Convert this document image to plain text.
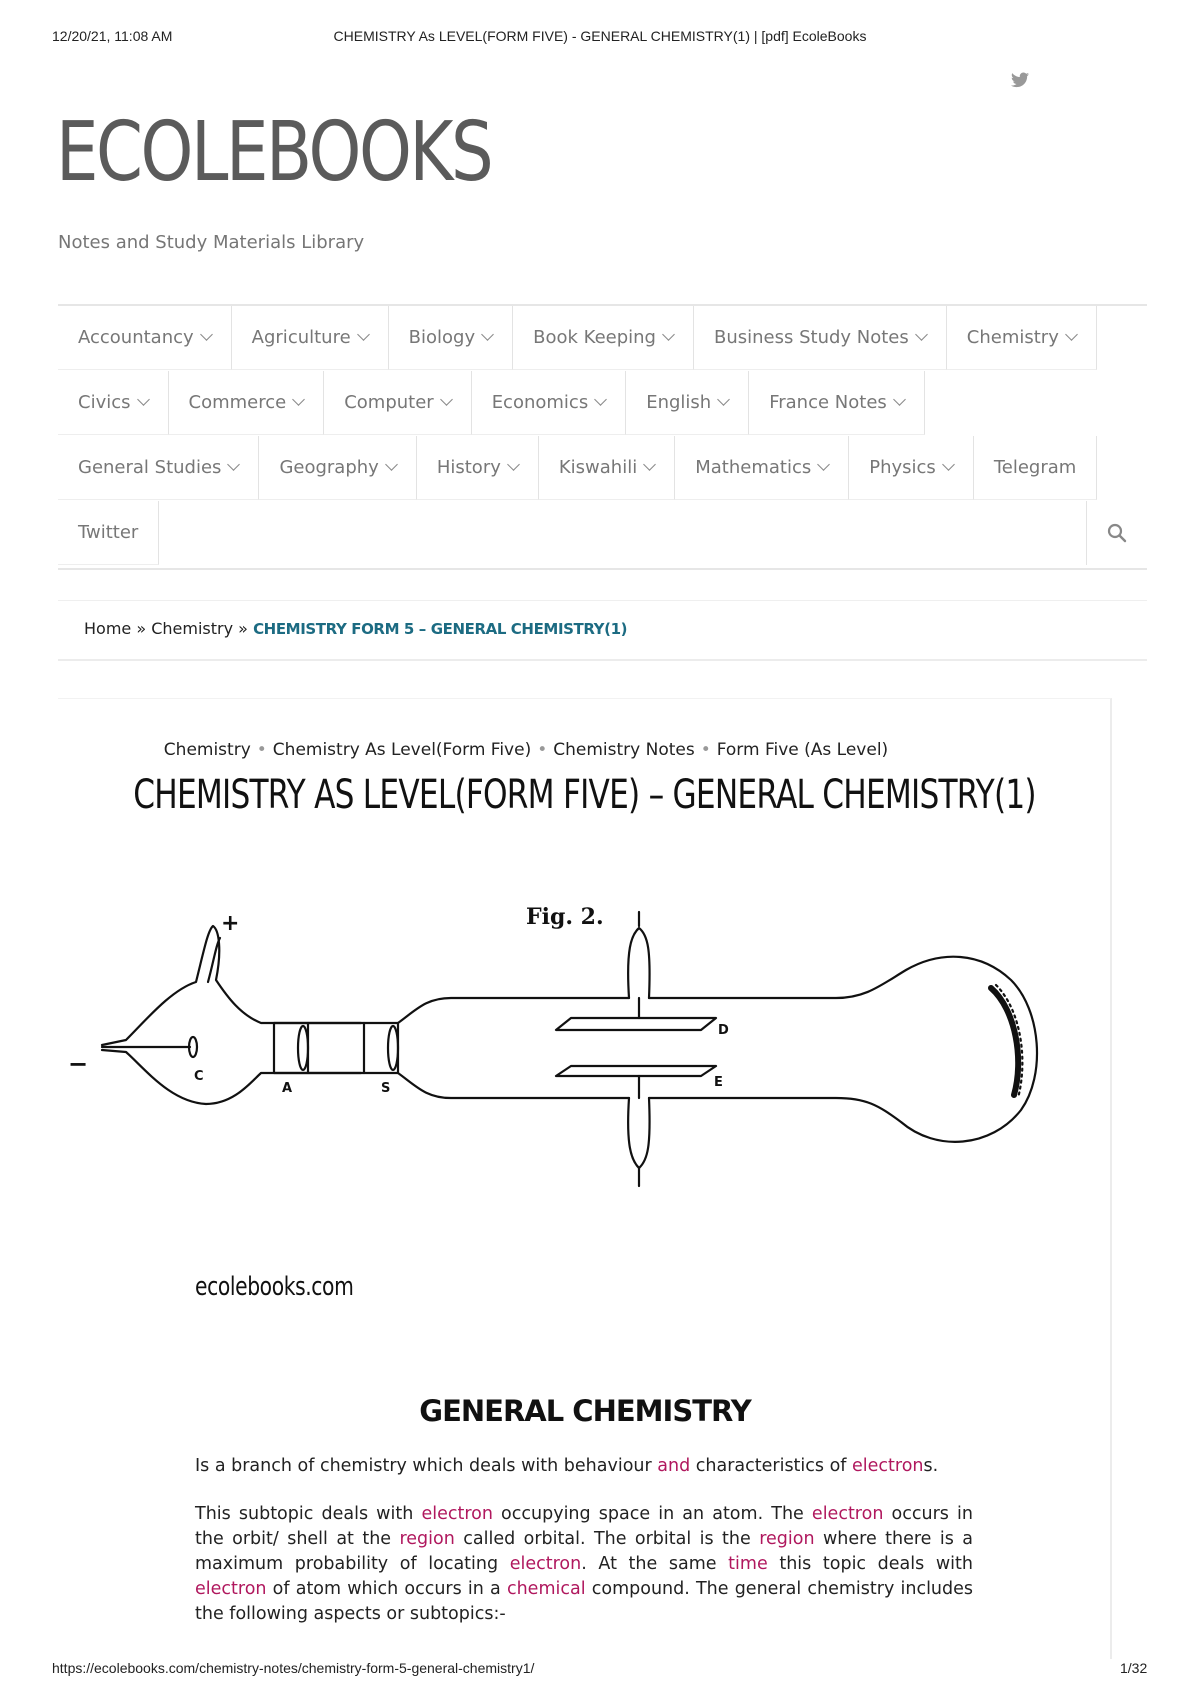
12/20/21, 11:08 AM	CHEMISTRY As LEVEL(FORM FIVE) - GENERAL CHEMISTRY(1) | [pdf] EcoleBooks
ECOLEBOOKS
Notes and Study Materials Library
Accountancy	Agriculture	Biology	Book Keeping	Business Study Notes	Chemistry
Civics	Commerce	Computer	Economics	English	France Notes
General Studies	Geography	History	Kiswahili	Mathematics	Physics	Telegram
Twitter
Home » Chemistry » CHEMISTRY FORM 5 – GENERAL CHEMISTRY(1)
Chemistry • Chemistry As Level(Form Five) • Chemistry Notes • Form Five (As Level)
CHEMISTRY AS LEVEL(FORM FIVE) – GENERAL CHEMISTRY(1)
Fig. 2.
+
−	C
A	S
D
E
ecolebooks.com
GENERAL CHEMISTRY
Is a branch of chemistry which deals with behaviour and characteristics of electrons.
This subtopic deals with electron occupying space in an atom. The electron occurs in the orbit/ shell at the region called orbital. The orbital is the region where there is a maximum probability of locating electron. At the same time this topic deals with electron of atom which occurs in a chemical compound. The general chemistry includes the following aspects or subtopics:-
https://ecolebooks.com/chemistry-notes/chemistry-form-5-general-chemistry1/	1/32
